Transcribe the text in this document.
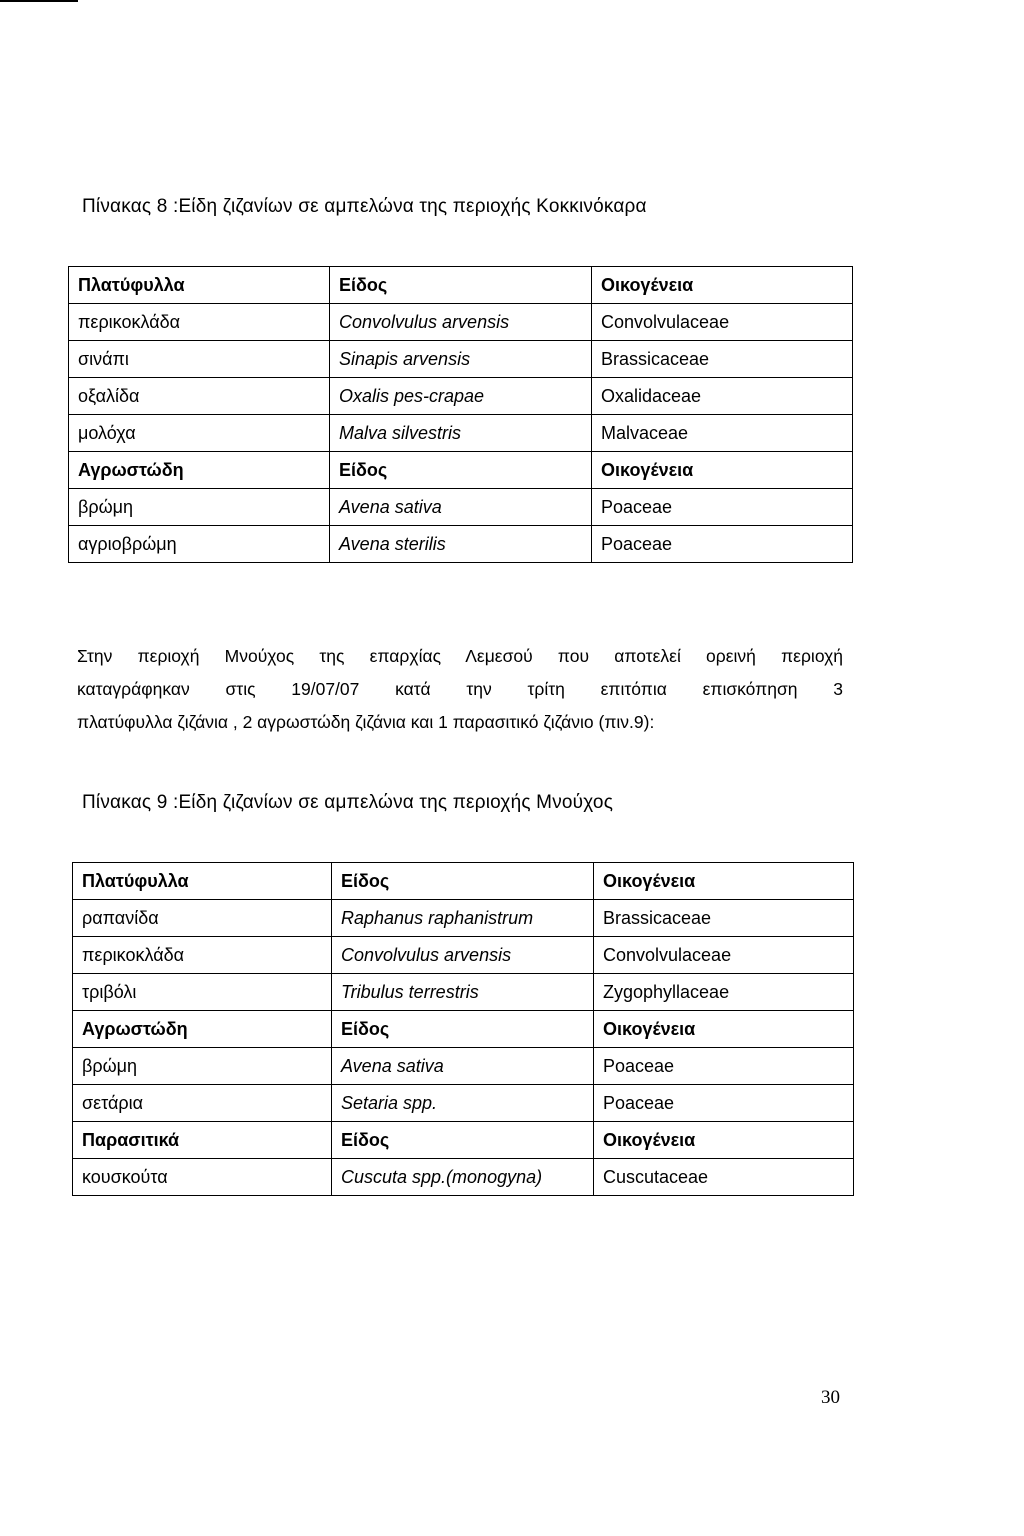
Πίνακας 8 :Είδη ζιζανίων σε αμπελώνα της περιοχής Κοκκινόκαρα
Πλατύφυλλα	Είδος	Οικογένεια
περικοκλάδα	Convolvulus arvensis	Convolvulaceae
σινάπι	Sinapis arvensis	Brassicaceae
οξαλίδα	Oxalis pes-crapae	Oxalidaceae
μολόχα	Malva silvestris	Malvaceae
Αγρωστώδη	Είδος	Οικογένεια
βρώμη	Avena sativa	Poaceae
αγριοβρώμη	Avena sterilis	Poaceae
Στην περιοχή Μνούχος της επαρχίας Λεμεσού που αποτελεί ορεινή περιοχή
καταγράφηκαν στις 19/07/07 κατά την τρίτη επιτόπια επισκόπηση 3
πλατύφυλλα ζιζάνια , 2 αγρωστώδη ζιζάνια και 1 παρασιτικό ζιζάνιο (πιν.9):
Πίνακας 9 :Είδη ζιζανίων σε αμπελώνα της περιοχής Μνούχος
Πλατύφυλλα	Είδος	Οικογένεια
ραπανίδα	Raphanus raphanistrum	Brassicaceae
περικοκλάδα	Convolvulus arvensis	Convolvulaceae
τριβόλι	Tribulus terrestris	Zygophyllaceae
Αγρωστώδη	Είδος	Οικογένεια
βρώμη	Avena sativa	Poaceae
σετάρια	Setaria spp.	Poaceae
Παρασιτικά	Είδος	Οικογένεια
κουσκούτα	Cuscuta spp.(monogyna)	Cuscutaceae
30
